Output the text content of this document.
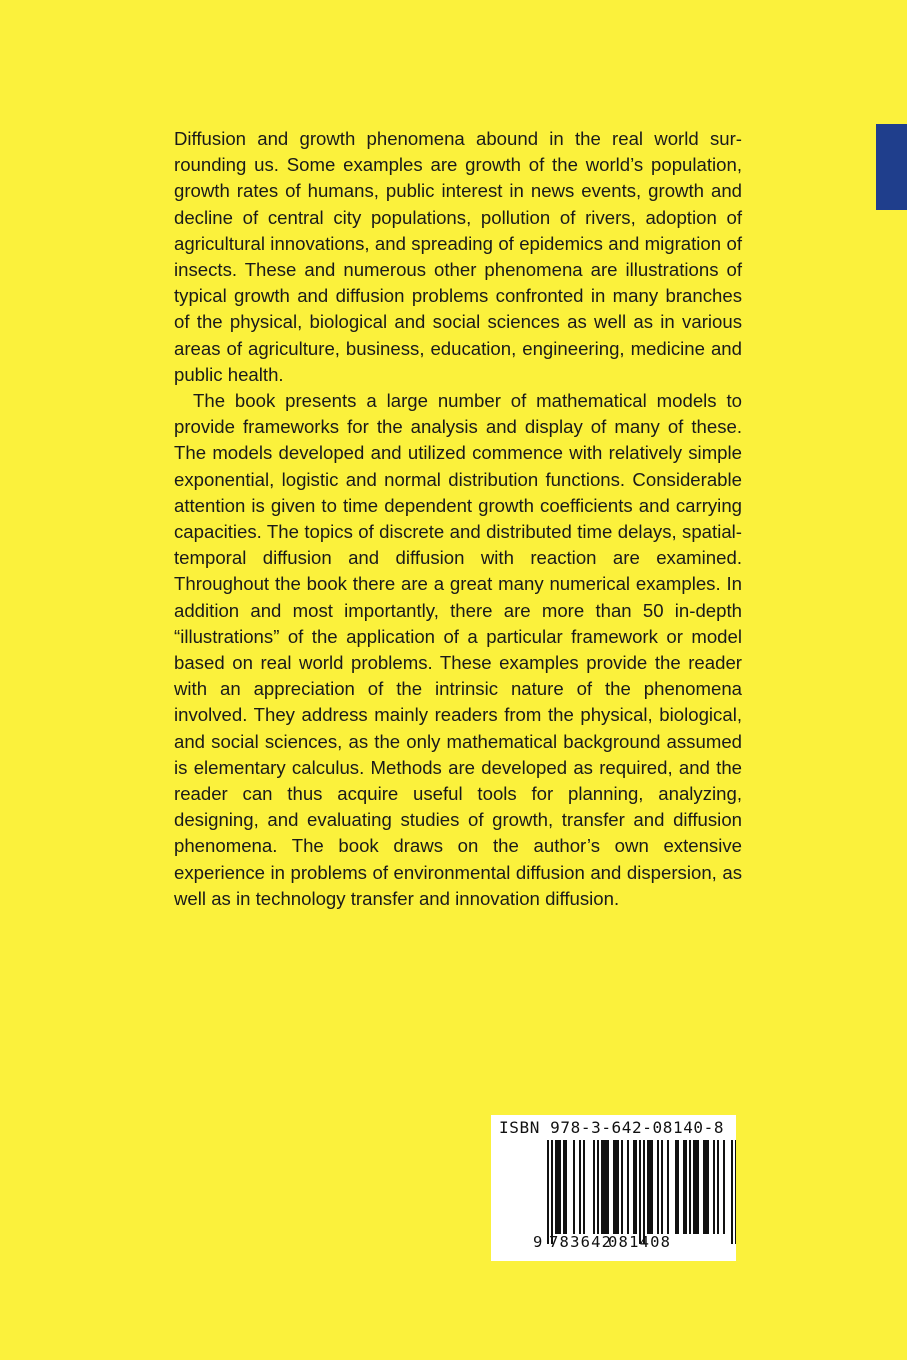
Diffusion and growth phenomena abound in the real world surrounding us. Some examples are growth of the world’s population, growth rates of humans, public interest in news events, growth and decline of central city populations, pollution of rivers, adoption of agricultural innovations, and spreading of epidemics and migration of insects. These and numerous other phenomena are illustrations of typical growth and diffusion problems confronted in many branches of the physical, biological and social sciences as well as in various areas of agriculture, business, education, engineering, medicine and public health.

The book presents a large number of mathematical models to provide frameworks for the analysis and display of many of these. The models developed and utilized commence with relatively simple exponential, logistic and normal distribution functions. Considerable attention is given to time dependent growth coefficients and carrying capacities. The topics of discrete and distributed time delays, spatial-temporal diffusion and diffusion with reaction are examined. Throughout the book there are a great many numerical examples. In addition and most importantly, there are more than 50 in-depth “illustrations” of the application of a particular framework or model based on real world problems. These examples provide the reader with an appreciation of the intrinsic nature of the phenomena involved. They address mainly readers from the physical, biological, and social sciences, as the only mathematical background assumed is elementary calculus. Methods are developed as required, and the reader can thus acquire useful tools for planning, analyzing, designing, and evaluating studies of growth, transfer and diffusion phenomena. The book draws on the author’s own extensive experience in problems of environmental diffusion and dispersion, as well as in technology transfer and innovation diffusion.

ISBN 978-3-642-08140-8
9 783642
081408
